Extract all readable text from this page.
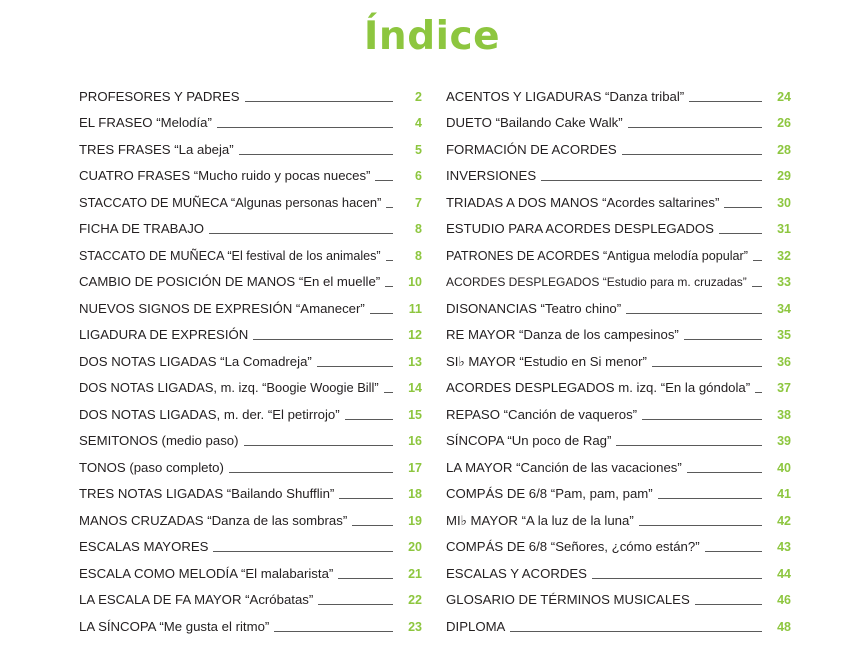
Índice
PROFESORES Y PADRES	2
EL FRASEO “Melodía”	4
TRES FRASES “La abeja”	5
CUATRO FRASES “Mucho ruido y pocas nueces”	6
STACCATO DE MUÑECA “Algunas personas hacen”	7
FICHA DE TRABAJO	8
STACCATO DE MUÑECA “El festival de los animales”	8
CAMBIO DE POSICIÓN DE MANOS “En el muelle”	10
NUEVOS SIGNOS DE EXPRESIÓN “Amanecer”	11
LIGADURA DE EXPRESIÓN	12
DOS NOTAS LIGADAS “La Comadreja”	13
DOS NOTAS LIGADAS, m. izq. “Boogie Woogie Bill”	14
DOS NOTAS LIGADAS, m. der. “El petirrojo”	15
SEMITONOS (medio paso)	16
TONOS (paso completo)	17
TRES NOTAS LIGADAS “Bailando Shufflin”	18
MANOS CRUZADAS “Danza de las sombras”	19
ESCALAS MAYORES	20
ESCALA COMO MELODÍA “El malabarista”	21
LA ESCALA DE FA MAYOR “Acróbatas”	22
LA SÍNCOPA “Me gusta el ritmo”	23
ACENTOS Y LIGADURAS “Danza tribal”	24
DUETO “Bailando Cake Walk”	26
FORMACIÓN DE ACORDES	28
INVERSIONES	29
TRIADAS A DOS MANOS “Acordes saltarines”	30
ESTUDIO PARA ACORDES DESPLEGADOS	31
PATRONES DE ACORDES “Antigua melodía popular”	32
ACORDES DESPLEGADOS “Estudio para m. cruzadas”	33
DISONANCIAS “Teatro chino”	34
RE MAYOR “Danza de los campesinos”	35
SI♭ MAYOR “Estudio en Si menor”	36
ACORDES DESPLEGADOS m. izq. “En la góndola”	37
REPASO “Canción de vaqueros”	38
SÍNCOPA “Un poco de Rag”	39
LA MAYOR “Canción de las vacaciones”	40
COMPÁS DE 6/8 “Pam, pam, pam”	41
MI♭ MAYOR “A la luz de la luna”	42
COMPÁS DE 6/8 “Señores, ¿cómo están?”	43
ESCALAS Y ACORDES	44
GLOSARIO DE TÉRMINOS MUSICALES	46
DIPLOMA	48
